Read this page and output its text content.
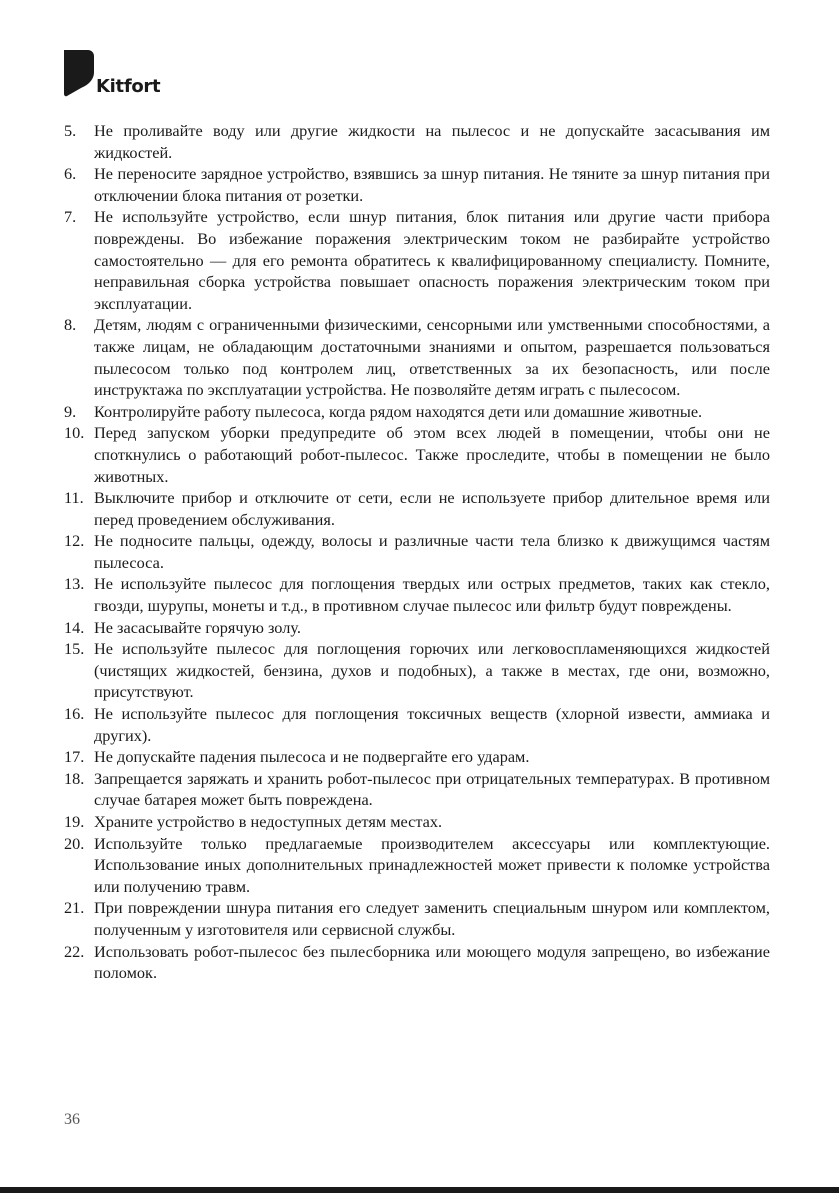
Kitfort
5.	Не проливайте воду или другие жидкости на пылесос и не допускайте засасывания им жидкостей.
6.	Не переносите зарядное устройство, взявшись за шнур питания. Не тяните за шнур питания при отключении блока питания от розетки.
7.	Не используйте устройство, если шнур питания, блок питания или другие части прибора повреждены. Во избежание поражения электрическим током не разбирайте устройство самостоятельно — для его ремонта обратитесь к квалифицированному специалисту. Помните, неправильная сборка устройства повышает опасность поражения электрическим током при эксплуатации.
8.	Детям, людям с ограниченными физическими, сенсорными или умственными способностями, а также лицам, не обладающим достаточными знаниями и опытом, разрешается пользоваться пылесосом только под контролем лиц, ответственных за их безопасность, или после инструктажа по эксплуатации устройства. Не позволяйте детям играть с пылесосом.
9.	Контролируйте работу пылесоса, когда рядом находятся дети или домашние животные.
10. Перед запуском уборки предупредите об этом всех людей в помещении, чтобы они не споткнулись о работающий робот-пылесос. Также проследите, чтобы в помещении не было животных.
11. Выключите прибор и отключите от сети, если не используете прибор длительное время или перед проведением обслуживания.
12. Не подносите пальцы, одежду, волосы и различные части тела близко к движущимся частям пылесоса.
13. Не используйте пылесос для поглощения твердых или острых предметов, таких как стекло, гвозди, шурупы, монеты и т.д., в противном случае пылесос или фильтр будут повреждены.
14. Не засасывайте горячую золу.
15. Не используйте пылесос для поглощения горючих или легковоспламеняющихся жидкостей (чистящих жидкостей, бензина, духов и подобных), а также в местах, где они, возможно, присутствуют.
16. Не используйте пылесос для поглощения токсичных веществ (хлорной извести, аммиака и других).
17. Не допускайте падения пылесоса и не подвергайте его ударам.
18. Запрещается заряжать и хранить робот-пылесос при отрицательных температурах. В противном случае батарея может быть повреждена.
19. Храните устройство в недоступных детям местах.
20. Используйте только предлагаемые производителем аксессуары или комплектующие. Использование иных дополнительных принадлежностей может привести к поломке устройства или получению травм.
21. При повреждении шнура питания его следует заменить специальным шнуром или комплектом, полученным у изготовителя или сервисной службы.
22. Использовать робот-пылесос без пылесборника или моющего модуля запрещено, во избежание поломок.
36
